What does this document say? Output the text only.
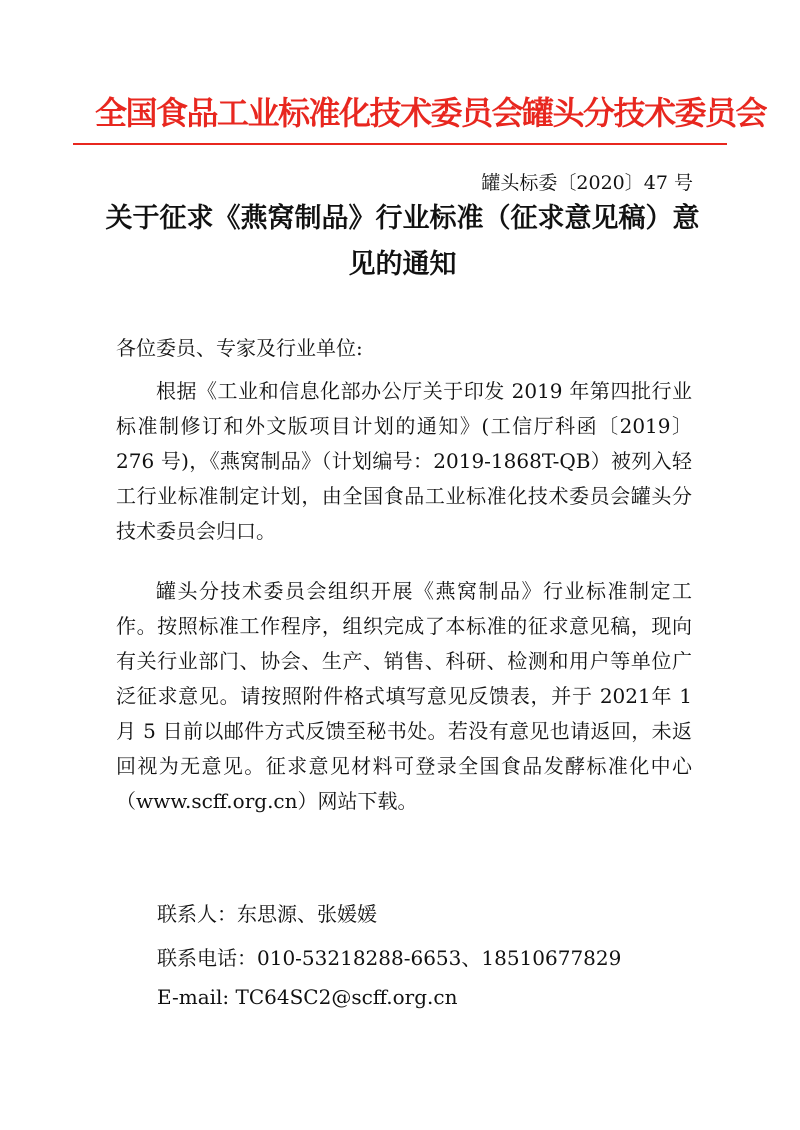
全国食品工业标准化技术委员会罐头分技术委员会
罐头标委〔2020〕47 号
关于征求《燕窝制品》行业标准（征求意见稿）意见的通知
各位委员、专家及行业单位:
根据《工业和信息化部办公厅关于印发 2019 年第四批行业标准制修订和外文版项目计划的通知》(工信厅科函〔2019〕276 号)，《燕窝制品》（计划编号：2019-1868T-QB）被列入轻工行业标准制定计划，由全国食品工业标准化技术委员会罐头分技术委员会归口。
罐头分技术委员会组织开展《燕窝制品》行业标准制定工作。按照标准工作程序，组织完成了本标准的征求意见稿，现向有关行业部门、协会、生产、销售、科研、检测和用户等单位广泛征求意见。请按照附件格式填写意见反馈表，并于 2021年 1 月 5 日前以邮件方式反馈至秘书处。若没有意见也请返回，未返回视为无意见。征求意见材料可登录全国食品发酵标准化中心（www.scff.org.cn）网站下载。
联系人：东思源、张媛媛
联系电话：010-53218288-6653、18510677829
E-mail: TC64SC2@scff.org.cn
